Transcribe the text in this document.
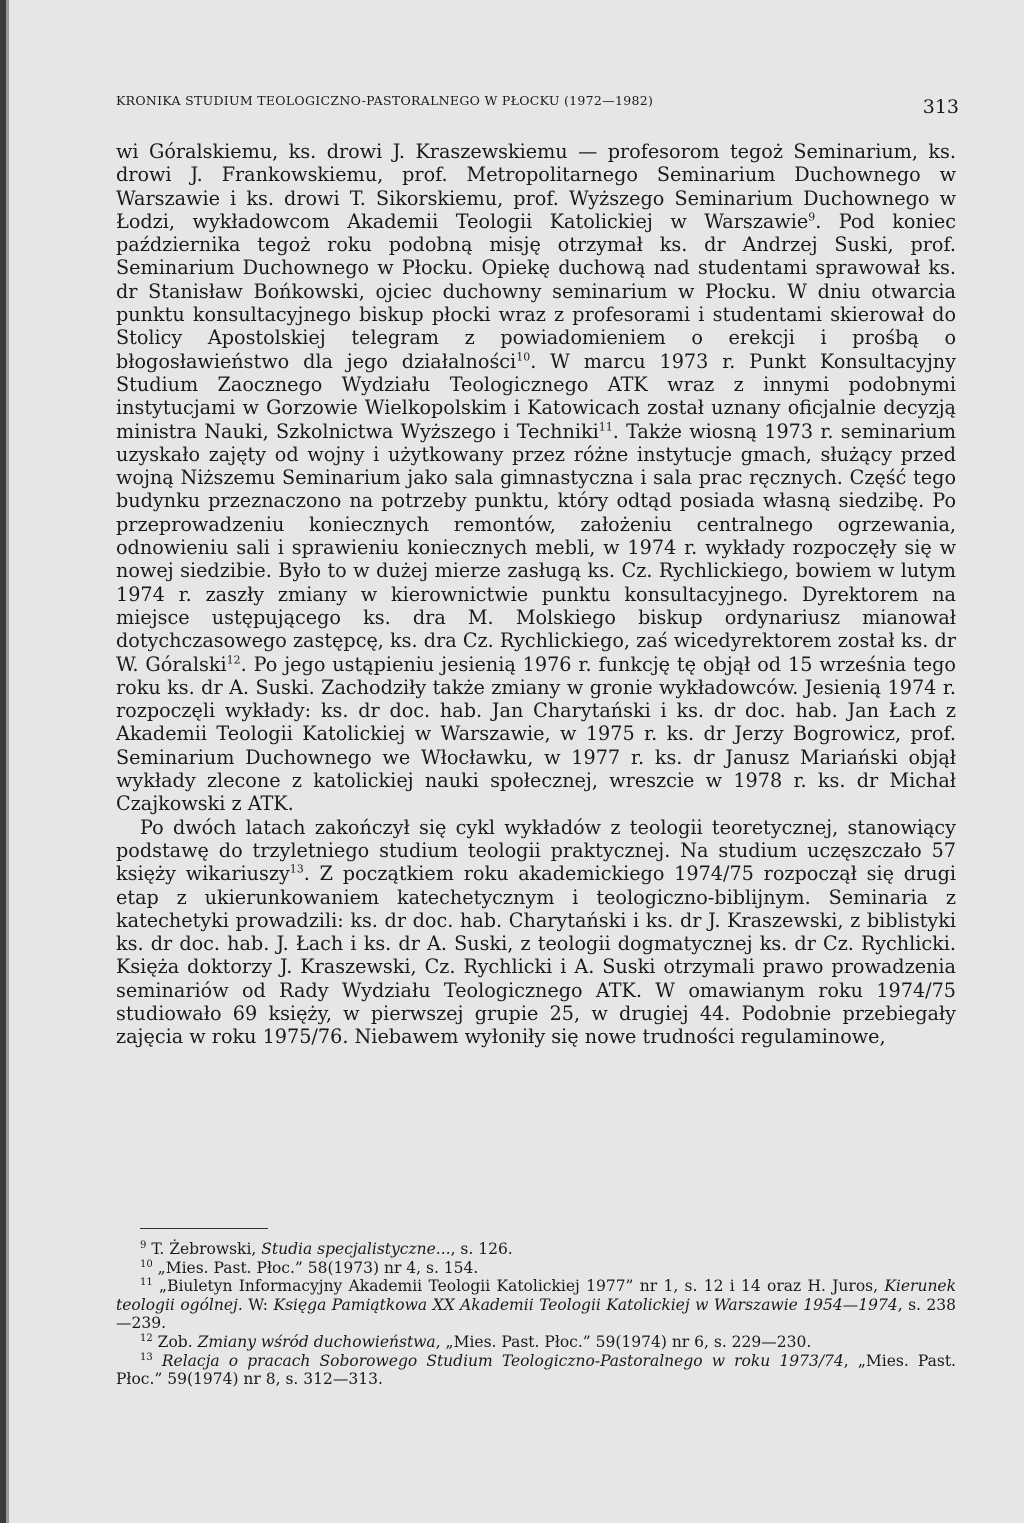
KRONIKA STUDIUM TEOLOGICZNO-PASTORALNEGO W PŁOCKU (1972—1982)	313

wi Góralskiemu, ks. drowi J. Kraszewskiemu — profesorom tegoż Seminarium, ks. drowi J. Frankowskiemu, prof. Metropolitarnego Seminarium Duchownego w Warszawie i ks. drowi T. Sikorskiemu, prof. Wyższego Seminarium Duchownego w Łodzi, wykładowcom Akademii Teologii Katolickiej w Warszawie$^9$. Pod koniec października tegoż roku podobną misję otrzymał ks. dr Andrzej Suski, prof. Seminarium Duchownego w Płocku. Opiekę duchową nad studentami sprawował ks. dr Stanisław Bońkowski, ojciec duchowny seminarium w Płocku. W dniu otwarcia punktu konsultacyjnego biskup płocki wraz z profesorami i studentami skierował do Stolicy Apostolskiej telegram z powiadomieniem o erekcji i prośbą o błogosławieństwo dla jego działalności$^{10}$. W marcu 1973 r. Punkt Konsultacyjny Studium Zaocznego Wydziału Teologicznego ATK wraz z innymi podobnymi instytucjami w Gorzowie Wielkopolskim i Katowicach został uznany oficjalnie decyzją ministra Nauki, Szkolnictwa Wyższego i Techniki$^{11}$. Także wiosną 1973 r. seminarium uzyskało zajęty od wojny i użytkowany przez różne instytucje gmach, służący przed wojną Niższemu Seminarium jako sala gimnastyczna i sala prac ręcznych. Część tego budynku przeznaczono na potrzeby punktu, który odtąd posiada własną siedzibę. Po przeprowadzeniu koniecznych remontów, założeniu centralnego ogrzewania, odnowieniu sali i sprawieniu koniecznych mebli, w 1974 r. wykłady rozpoczęły się w nowej siedzibie. Było to w dużej mierze zasługą ks. Cz. Rychlickiego, bowiem w lutym 1974 r. zaszły zmiany w kierownictwie punktu konsultacyjnego. Dyrektorem na miejsce ustępującego ks. dra M. Molskiego biskup ordynariusz mianował dotychczasowego zastępcę, ks. dra Cz. Rychlickiego, zaś wicedyrektorem został ks. dr W. Góralski$^{12}$. Po jego ustąpieniu jesienią 1976 r. funkcję tę objął od 15 września tego roku ks. dr A. Suski. Zachodziły także zmiany w gronie wykładowców. Jesienią 1974 r. rozpoczęli wykłady: ks. dr doc. hab. Jan Charytański i ks. dr doc. hab. Jan Łach z Akademii Teologii Katolickiej w Warszawie, w 1975 r. ks. dr Jerzy Bogrowicz, prof. Seminarium Duchownego we Włocławku, w 1977 r. ks. dr Janusz Mariański objął wykłady zlecone z katolickiej nauki społecznej, wreszcie w 1978 r. ks. dr Michał Czajkowski z ATK.

Po dwóch latach zakończył się cykl wykładów z teologii teoretycznej, stanowiący podstawę do trzyletniego studium teologii praktycznej. Na studium uczęszczało 57 księży wikariuszy$^{13}$. Z początkiem roku akademickiego 1974/75 rozpoczął się drugi etap z ukierunkowaniem katechetycznym i teologiczno-biblijnym. Seminaria z katechetyki prowadzili: ks. dr doc. hab. Charytański i ks. dr J. Kraszewski, z biblistyki ks. dr doc. hab. J. Łach i ks. dr A. Suski, z teologii dogmatycznej ks. dr Cz. Rychlicki. Księża doktorzy J. Kraszewski, Cz. Rychlicki i A. Suski otrzymali prawo prowadzenia seminariów od Rady Wydziału Teologicznego ATK. W omawianym roku 1974/75 studiowało 69 księży, w pierwszej grupie 25, w drugiej 44. Podobnie przebiegały zajęcia w roku 1975/76. Niebawem wyłoniły się nowe trudności regulaminowe,

$^9$ T. Żebrowski, Studia specjalistyczne..., s. 126.

$^{10}$ „Mies. Past. Płoc.” 58(1973) nr 4, s. 154.

$^{11}$ „Biuletyn Informacyjny Akademii Teologii Katolickiej 1977” nr 1, s. 12 i 14 oraz H. Juros, Kierunek teologii ogólnej. W: Księga Pamiątkowa XX Akademii Teologii Katolickiej w Warszawie 1954—1974, s. 238—239.

$^{12}$ Zob. Zmiany wśród duchowieństwa, „Mies. Past. Płoc.” 59(1974) nr 6, s. 229—230.

$^{13}$ Relacja o pracach Soborowego Studium Teologiczno-Pastoralnego w roku 1973/74, „Mies. Past. Płoc.” 59(1974) nr 8, s. 312—313.
